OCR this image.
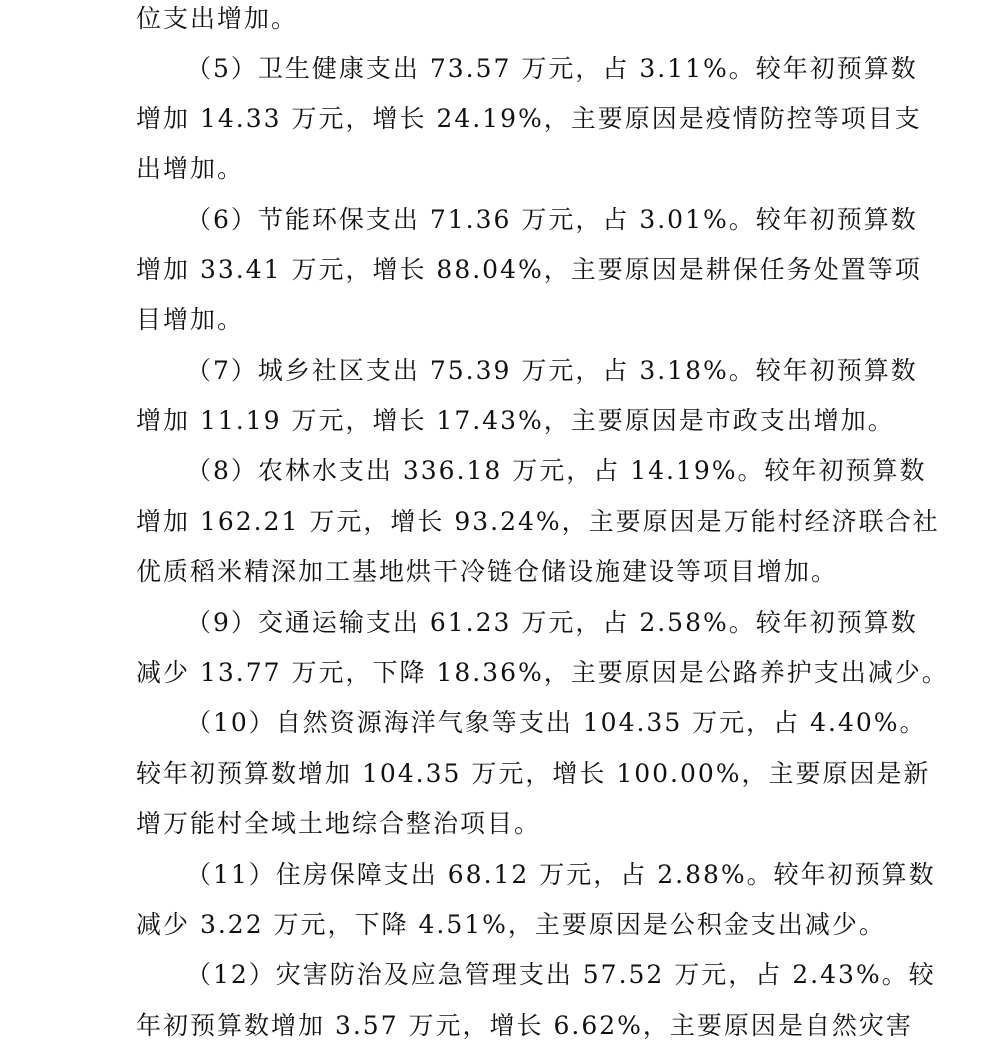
位支出增加。
（5）卫生健康支出 73.57 万元，占 3.11%。较年初预算数
增加 14.33 万元，增长 24.19%，主要原因是疫情防控等项目支
出增加。
（6）节能环保支出 71.36 万元，占 3.01%。较年初预算数
增加 33.41 万元，增长 88.04%，主要原因是耕保任务处置等项
目增加。
（7）城乡社区支出 75.39 万元，占 3.18%。较年初预算数
增加 11.19 万元，增长 17.43%，主要原因是市政支出增加。
（8）农林水支出 336.18 万元，占 14.19%。较年初预算数
增加 162.21 万元，增长 93.24%，主要原因是万能村经济联合社
优质稻米精深加工基地烘干冷链仓储设施建设等项目增加。
（9）交通运输支出 61.23 万元，占 2.58%。较年初预算数
减少 13.77 万元，下降 18.36%，主要原因是公路养护支出减少。
（10）自然资源海洋气象等支出 104.35 万元，占 4.40%。
较年初预算数增加 104.35 万元，增长 100.00%，主要原因是新
增万能村全域土地综合整治项目。
（11）住房保障支出 68.12 万元，占 2.88%。较年初预算数
减少 3.22 万元，下降 4.51%，主要原因是公积金支出减少。
（12）灾害防治及应急管理支出 57.52 万元，占 2.43%。较
年初预算数增加 3.57 万元，增长 6.62%，主要原因是自然灾害
